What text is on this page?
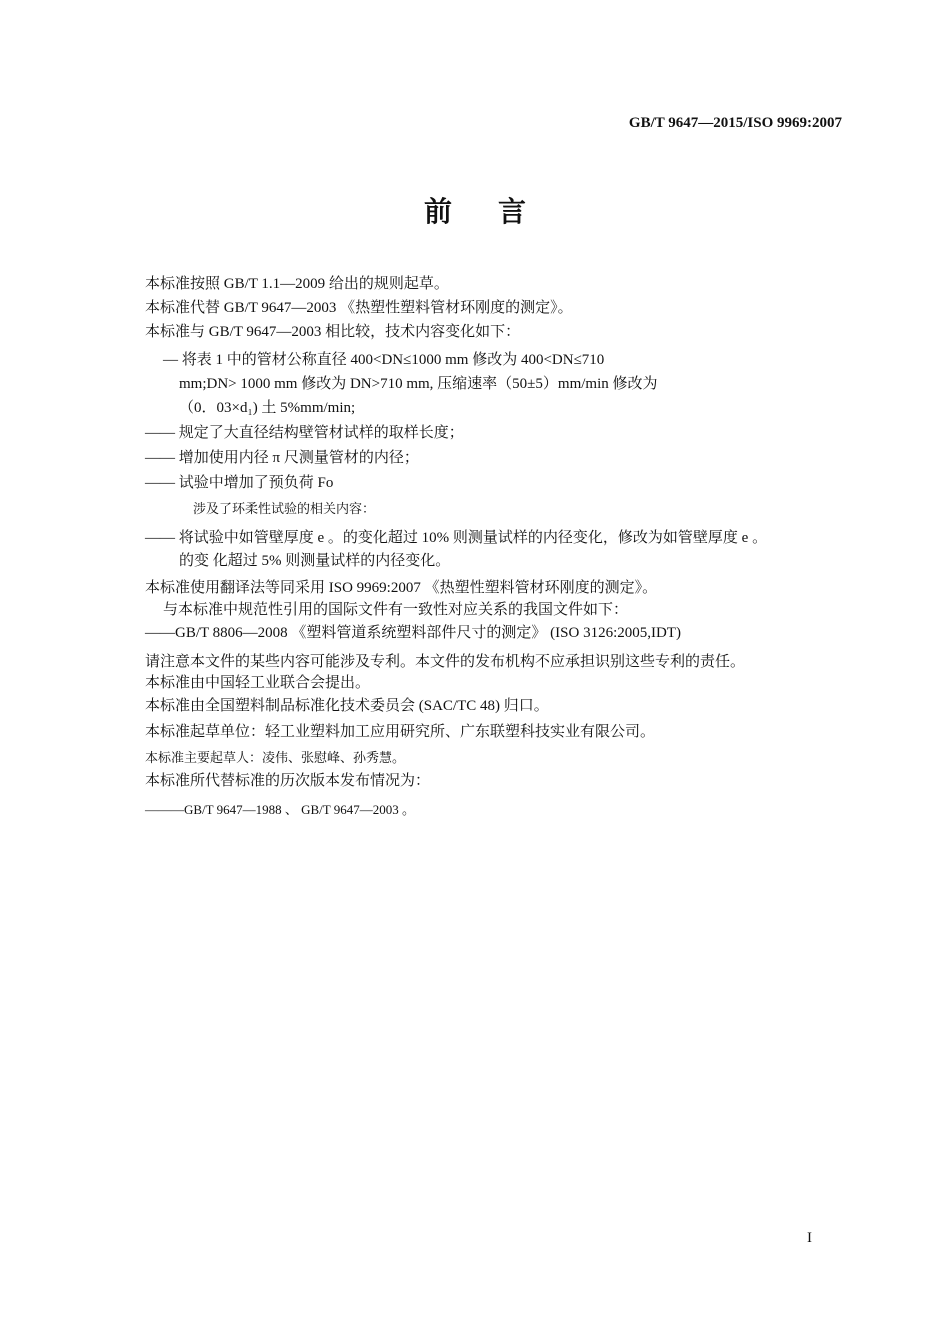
GB/T 9647—2015/ISO 9969:2007
前言
本标准按照 GB/T 1.1—2009 给出的规则起草。
本标准代替 GB/T 9647—2003 《热塑性塑料管材环刚度的测定》。
本标准与 GB/T 9647—2003 相比较，技术内容变化如下：
— 将表 1 中的管材公称直径 400<DN≤1000 mm 修改为 400<DN≤710
mm;DN> 1000 mm 修改为 DN>710 mm, 压缩速率（50±5）mm/min 修改为
（0．03×d₁) 土 5%mm/min;
—— 规定了大直径结构壁管材试样的取样长度；
—— 增加使用内径 π 尺测量管材的内径；
—— 试验中增加了预负荷 Fo
涉及了环柔性试验的相关内容：
—— 将试验中如管壁厚度 e 。的变化超过 10% 则测量试样的内径变化，修改为如管壁厚度 e 。
的变 化超过 5% 则测量试样的内径变化。
本标准使用翻译法等同采用 ISO 9969:2007 《热塑性塑料管材环刚度的测定》。
与本标准中规范性引用的国际文件有一致性对应关系的我国文件如下：
——GB/T 8806—2008 《塑料管道系统塑料部件尺寸的测定》 (ISO 3126:2005,IDT)
请注意本文件的某些内容可能涉及专利。本文件的发布机构不应承担识别这些专利的责任。
本标准由中国轻工业联合会提出。
本标准由全国塑料制品标准化技术委员会 (SAC/TC 48) 归口。
本标准起草单位：轻工业塑料加工应用研究所、广东联塑科技实业有限公司。
本标准主要起草人：凌伟、张慰峰、孙秀慧。
本标准所代替标准的历次版本发布情况为：
———GB/T 9647—1988 、 GB/T 9647—2003 。
I
